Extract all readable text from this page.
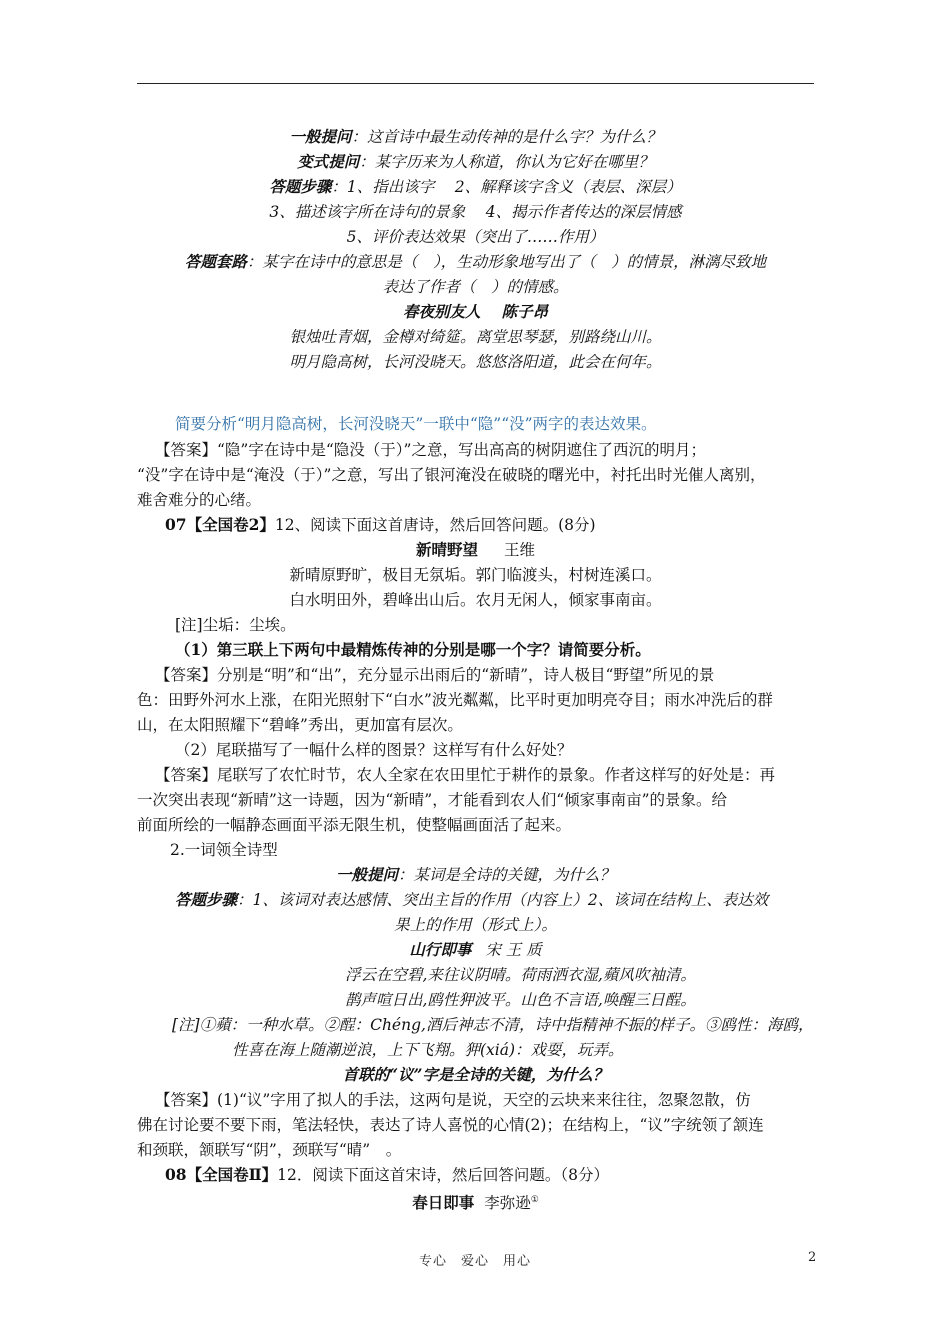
一般提问：这首诗中最生动传神的是什么字？为什么？
变式提问：某字历来为人称道，你认为它好在哪里？
答题步骤：1、指出该字　 2、解释该字含义（表层、深层）
3、描述该字所在诗句的景象　 4、揭示作者传达的深层情感
5、评价表达效果（突出了……作用）
答题套路：某字在诗中的意思是（　），生动形象地写出了（　）的情景，淋漓尽致地
表达了作者（　）的情感。
春夜别友人　 陈子昂
银烛吐青烟，金樽对绮筵。离堂思琴瑟，别路绕山川。
明月隐高树，长河没晓天。悠悠洛阳道，此会在何年。
简要分析“明月隐高树，长河没晓天”一联中“隐”“没”两字的表达效果。
【答案】“隐”字在诗中是“隐没（于）”之意，写出高高的树阴遮住了西沉的明月；
“没”字在诗中是“淹没（于）”之意，写出了银河淹没在破晓的曙光中，衬托出时光催人离别，
难舍难分的心绪。
07【全国卷2】12、阅读下面这首唐诗，然后回答问题。(8分)
新晴野望 王维
新晴原野旷，极目无氛垢。郭门临渡头，村树连溪口。
白水明田外，碧峰出山后。农月无闲人，倾家事南亩。
[注]尘垢：尘埃。
（1）第三联上下两句中最精炼传神的分别是哪一个字？请简要分析。
【答案】分别是“明”和“出”，充分显示出雨后的“新晴”，诗人极目“野望”所见的景
色：田野外河水上涨，在阳光照射下“白水”波光粼粼，比平时更加明亮夺目；雨水冲洗后的群
山，在太阳照耀下“碧峰”秀出，更加富有层次。
（2）尾联描写了一幅什么样的图景？这样写有什么好处？
【答案】尾联写了农忙时节，农人全家在农田里忙于耕作的景象。作者这样写的好处是：再
一次突出表现“新晴”这一诗题，因为“新晴”，才能看到农人们“倾家事南亩”的景象。给
前面所绘的一幅静态画面平添无限生机，使整幅画面活了起来。
2.一词领全诗型
一般提问：某词是全诗的关键，为什么？
答题步骤：1、该词对表达感情、突出主旨的作用（内容上）2、该词在结构上、表达效
果上的作用（形式上）。
山行即事 宋 王 质
浮云在空碧,来往议阴晴。荷雨洒衣湿,蘋风吹袖清。
鹊声喧日出,鸥性狎波平。山色不言语,唤醒三日酲。
[注]①蘋：一种水草。②酲：Chéng,酒后神志不清，诗中指精神不振的样子。③鸥性：海鸥，
性喜在海上随潮逆浪，上下飞翔。狎(xiá)：戏耍，玩弄。
首联的“议”字是全诗的关键，为什么？
【答案】(1)“议”字用了拟人的手法，这两句是说，天空的云块来来往往，忽聚忽散，仿
佛在讨论要不要下雨，笔法轻快，表达了诗人喜悦的心情(2)；在结构上，“议”字统领了颔连
和颈联，颔联写“阴”，颈联写“晴”　。
08【全国卷Ⅱ】12．阅读下面这首宋诗，然后回答问题。（8分）
春日即事 李弥逊①
专心　爱心　用心	2
